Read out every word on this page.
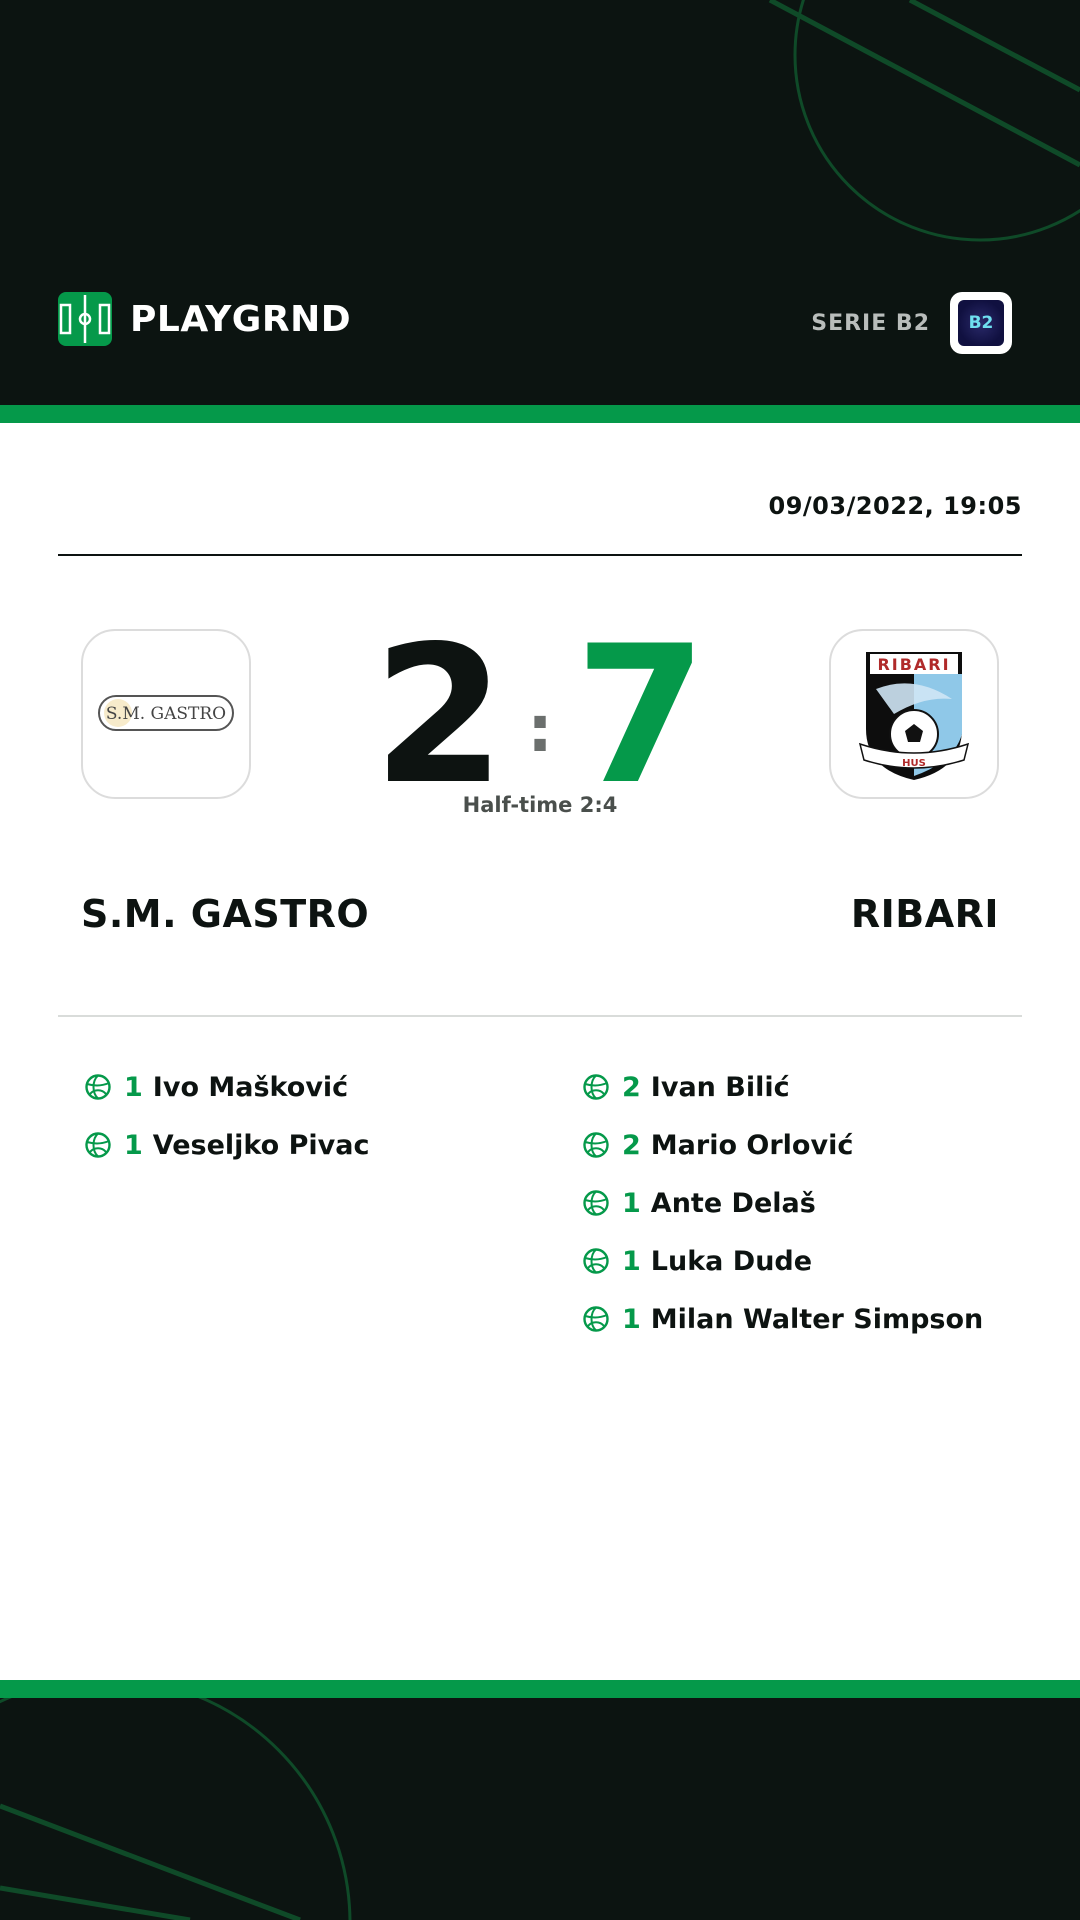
PLAYGRND	SERIE B2 B2
09/03/2022, 19:05
S.M. GASTRO 2 : 7
Half-time 2:4
RIBARI
HUS
S.M. GASTRO	RIBARI
1 Ivo Mašković
1 Veseljko Pivac
2 Ivan Bilić
2 Mario Orlović
1 Ante Delaš
1 Luka Dude
1 Milan Walter Simpson
